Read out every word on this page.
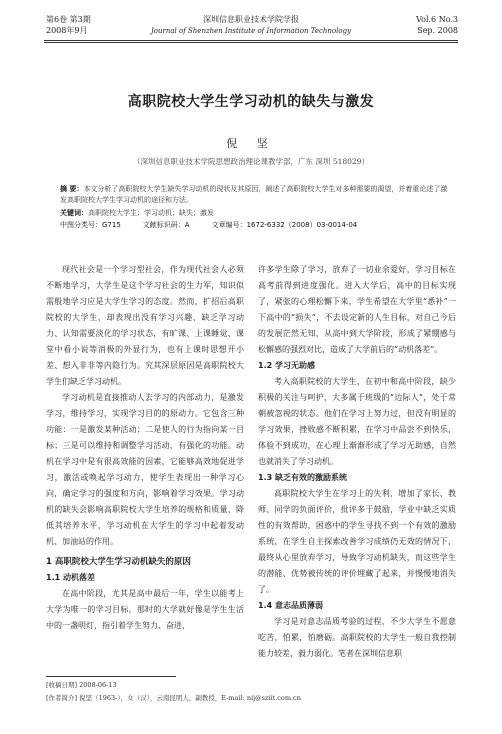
第6卷 第3期
2008年9月
深圳信息职业技术学院学报
Journal of Shenzhen Institute of Information Technology
Vol.6 No.3
Sep. 2008
高职院校大学生学习动机的缺失与激发
倪 坚
（深圳信息职业技术学院思想政治理论课教学部，广东 深圳 518029）
摘 要：本文分析了高职院校大学生缺失学习动机的现状及其原因，阐述了高职院校大学生对多种需要的渴望，并着重论述了激发高职院校大学生学习动机的途径和方法。
关键词：高职院校大学生；学习动机；缺失；激发
中图分类号：G715	文献标识码：A	文章编号：1672-6332（2008）03-0014-04

现代社会是一个学习型社会，作为现代社会人必须不断地学习，大学生是这个学习社会的生力军，知识似需般地学习应是大学生学习的态度。然而，扩招后高职院校的大学生，却表现出没有学习兴趣、缺乏学习动力、认知需要淡化的学习状态，有旷课、上课睡觉、课堂中看小说等消极的外显行为，也有上课时思想开小差、想入非非等内隐行为。究其深层原因是高职院校大学生们缺乏学习动机。

学习动机是直接推动人去学习的内部动力，是激发学习，维持学习，实现学习目的的原动力。它包含三种功能：一是激发某种活动；二是使人的行为指向某一目标；三是可以维持和调整学习活动，有强化的功能。动机在学习中是有很高效能的因素，它能够高效地促进学习，激活或唤起学习动力，使学生表现出一种学习心向，确定学习的强度和方向，影响着学习效果。学习动机的缺失会影响高职院校大学生培养的规格和质量，降低其培养水平，学习动机在大学生的学习中起着发动机、加油站的作用。

1 高职院校大学生学习动机缺失的原因
1.1 动机落差

在高中阶段，尤其是高中最后一年，学生以能考上大学为唯一的学习目标，那时的大学就好像是学生生活中的一盏明灯，指引着学生努力、奋进，

许多学生除了学习，放弃了一切业余爱好，学习目标在高考前得到进度强化。进入大学后，高中的目标实现了，紧张的心理松懈下来，学生希望在大学里“悉补”一下高中的“损失”，不去设定新的人生目标，对自己今后的发展茫然无知，从高中到大学阶段，形成了紧绷感与松懈感的强烈对比，造成了大学前后的“动机落差”。

1.2 学习无助感

考入高职院校的大学生，在初中和高中阶段，缺少积极的关注与呵护，大多属于班级的“边际人”，处于常朝被忽视的状态。他们在学习上努力过，但没有明显的学习效果，挫败感不断积累，在学习中品尝不到快乐，体验不到成功，在心理上渐渐形成了学习无助感，自然也就消失了学习动机。

1.3 缺乏有效的激励系统

高职院校大学生在学习上的失利，增加了家长、教师、同学的负面评价，批评多于鼓励，学业中缺乏实质性的有效帮助，困惑中的学生寻找不到一个有效的激励系统，在学生自主探索改善学习成绩仍无效的情况下，最终从心里放弃学习，导致学习动机缺失，而这些学生的潜能、优势被传统的评价埋藏了起来，并慢慢地消失了。

1.4 意志品质薄弱

学习是对意志品质考验的过程，不少大学生不愿意吃苦，怕累，怕磨砺。高职院校的大学生一般自我控制能力较差，毅力弱化。笔者在深圳信息职

[收稿日期] 2008-06-13
[作者简介] 倪坚（1963-），女（汉），云南昆明人，副教授，E-mail: nij@sziit.com.cn
